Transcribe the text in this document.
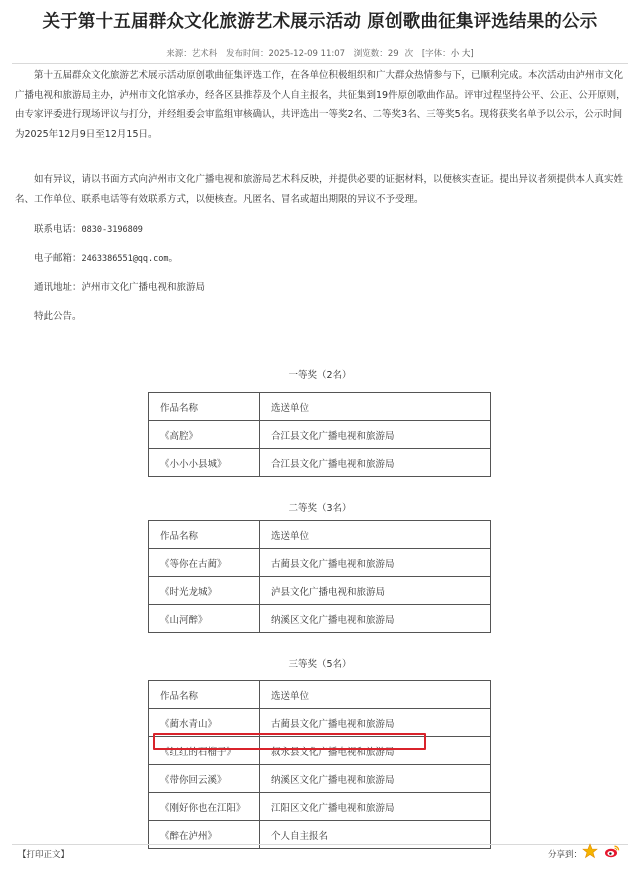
关于第十五届群众文化旅游艺术展示活动 原创歌曲征集评选结果的公示
来源：艺术科 发布时间：2025-12-09 11:07 浏览数：29 次 [字体：小 大]
第十五届群众文化旅游艺术展示活动原创歌曲征集评选工作，在各单位积极组织和广大群众热情参与下，已顺利完成。本次活动由泸州市文化广播电视和旅游局主办，泸州市文化馆承办，经各区县推荐及个人自主报名，共征集到19件原创歌曲作品。评审过程坚持公平、公正、公开原则，由专家评委进行现场评议与打分，并经组委会审监组审核确认，共评选出一等奖2名、二等奖3名、三等奖5名。现将获奖名单予以公示，公示时间为2025年12月9日至12月15日。
如有异议，请以书面方式向泸州市文化广播电视和旅游局艺术科反映，并提供必要的证据材料，以便核实查证。提出异议者须提供本人真实姓名、工作单位、联系电话等有效联系方式，以便核查。凡匿名、冒名或超出期限的异议不予受理。
联系电话：0830-3196809
电子邮箱：2463386551@qq.com。
通讯地址：泸州市文化广播电视和旅游局
特此公告。
一等奖（2名）
作品名称	选送单位
《高腔》	合江县文化广播电视和旅游局
《小小小县城》	合江县文化广播电视和旅游局
二等奖（3名）
作品名称	选送单位
《等你在古蔺》	古蔺县文化广播电视和旅游局
《时光龙城》	泸县文化广播电视和旅游局
《山河醉》	纳溪区文化广播电视和旅游局
三等奖（5名）
作品名称	选送单位
《蔺水青山》	古蔺县文化广播电视和旅游局
《红红的石榴子》	叙永县文化广播电视和旅游局
《带你回云溪》	纳溪区文化广播电视和旅游局
《刚好你也在江阳》	江阳区文化广播电视和旅游局
《醉在泸州》	个人自主报名
【打印正文】	分享到：
